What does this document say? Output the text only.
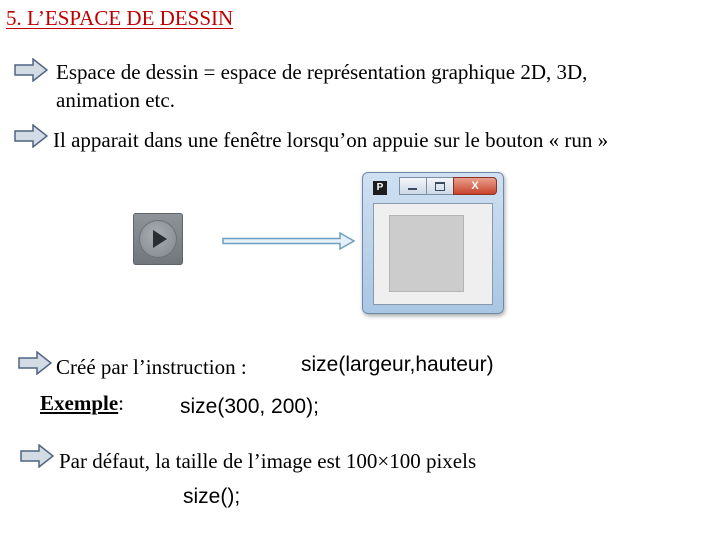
5. L’ESPACE DE DESSIN
Espace de dessin = espace de représentation graphique 2D, 3D,
animation etc.
Il apparait dans une fenêtre lorsqu’on appuie sur le bouton « run »
P	X
Créé par l’instruction :	size(largeur,hauteur)
Exemple:	size(300, 200);
Par défaut, la taille de l’image est 100×100 pixels
size();
